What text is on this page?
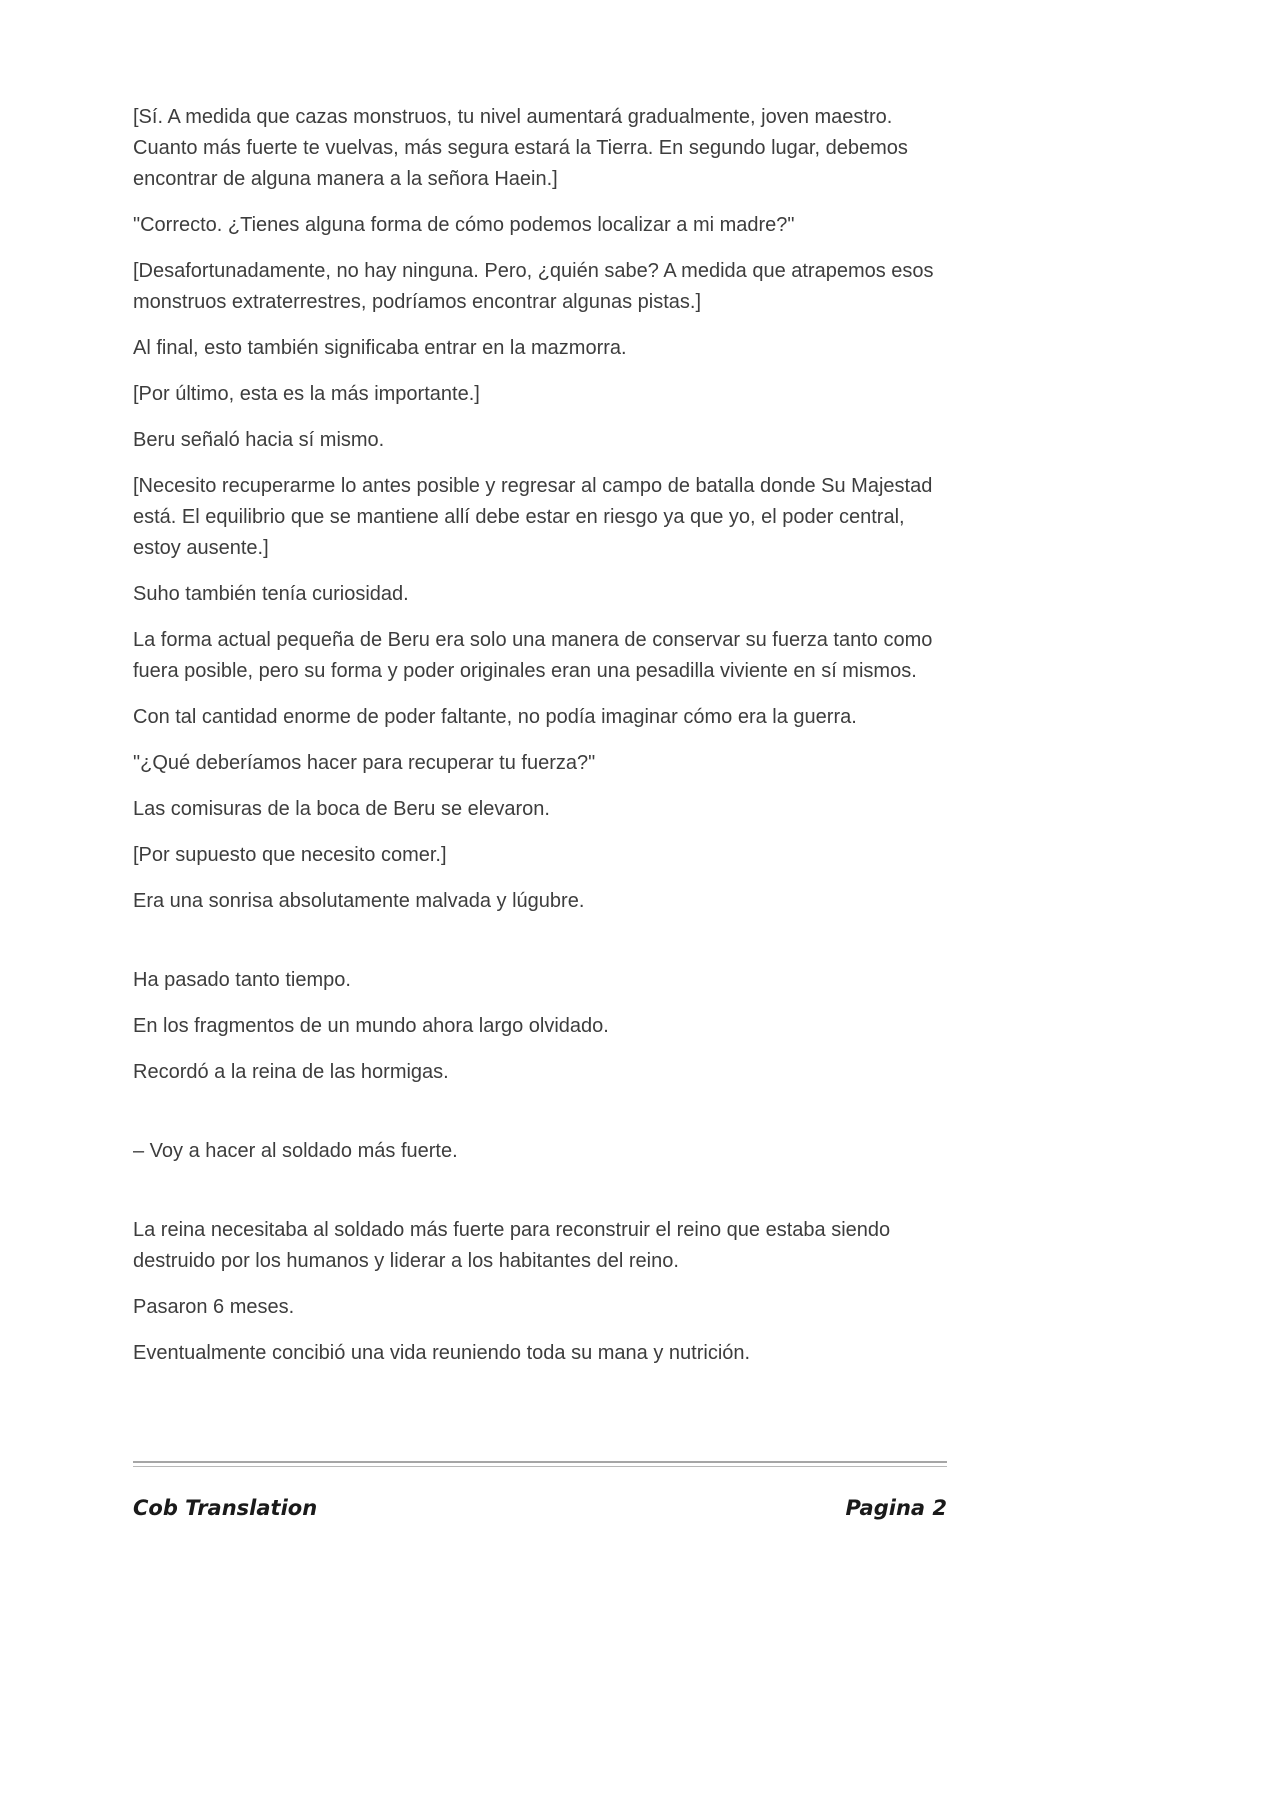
[Sí. A medida que cazas monstruos, tu nivel aumentará gradualmente, joven maestro. Cuanto más fuerte te vuelvas, más segura estará la Tierra. En segundo lugar, debemos encontrar de alguna manera a la señora Haein.]

"Correcto. ¿Tienes alguna forma de cómo podemos localizar a mi madre?"

[Desafortunadamente, no hay ninguna. Pero, ¿quién sabe? A medida que atrapemos esos monstruos extraterrestres, podríamos encontrar algunas pistas.]

Al final, esto también significaba entrar en la mazmorra.

[Por último, esta es la más importante.]

Beru señaló hacia sí mismo.

[Necesito recuperarme lo antes posible y regresar al campo de batalla donde Su Majestad está. El equilibrio que se mantiene allí debe estar en riesgo ya que yo, el poder central, estoy ausente.]

Suho también tenía curiosidad.

La forma actual pequeña de Beru era solo una manera de conservar su fuerza tanto como fuera posible, pero su forma y poder originales eran una pesadilla viviente en sí mismos.

Con tal cantidad enorme de poder faltante, no podía imaginar cómo era la guerra.

"¿Qué deberíamos hacer para recuperar tu fuerza?"

Las comisuras de la boca de Beru se elevaron.

[Por supuesto que necesito comer.]

Era una sonrisa absolutamente malvada y lúgubre.

Ha pasado tanto tiempo.

En los fragmentos de un mundo ahora largo olvidado.

Recordó a la reina de las hormigas.

– Voy a hacer al soldado más fuerte.

La reina necesitaba al soldado más fuerte para reconstruir el reino que estaba siendo destruido por los humanos y liderar a los habitantes del reino.

Pasaron 6 meses.

Eventualmente concibió una vida reuniendo toda su mana y nutrición.

Cob Translation	Pagina 2
